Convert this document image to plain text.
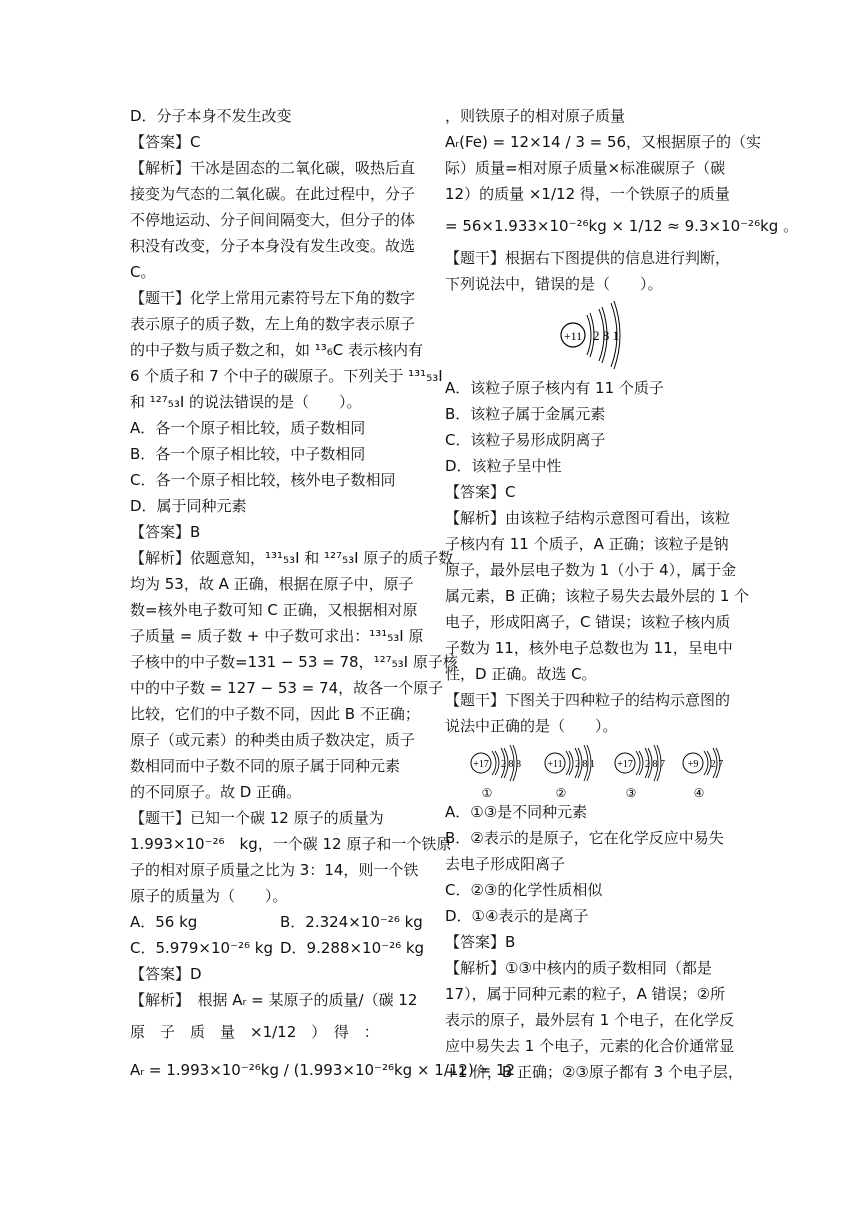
D．分子本身不发生改变
【答案】C
【解析】干冰是固态的二氧化碳，吸热后直
接变为气态的二氧化碳。在此过程中，分子
不停地运动、分子间间隔变大，但分子的体
积没有改变，分子本身没有发生改变。故选
C。
【题干】化学上常用元素符号左下角的数字
表示原子的质子数，左上角的数字表示原子
的中子数与质子数之和，如 ¹³₆C 表示核内有
6 个质子和 7 个中子的碳原子。下列关于 ¹³¹₅₃I
和 ¹²⁷₅₃I 的说法错误的是（　　）。
A．各一个原子相比较，质子数相同
B．各一个原子相比较，中子数相同
C．各一个原子相比较，核外电子数相同
D．属于同种元素
【答案】B
【解析】依题意知，¹³¹₅₃I 和 ¹²⁷₅₃I 原子的质子数
均为 53，故 A 正确，根据在原子中，原子
数=核外电子数可知 C 正确，又根据相对原
子质量 = 质子数 + 中子数可求出：¹³¹₅₃I 原
子核中的中子数=131 − 53 = 78，¹²⁷₅₃I 原子核
中的中子数 = 127 − 53 = 74，故各一个原子
比较，它们的中子数不同，因此 B 不正确；
原子（或元素）的种类由质子数决定，质子
数相同而中子数不同的原子属于同种元素
的不同原子。故 D 正确。
【题干】已知一个碳 12 原子的质量为
1.993×10⁻²⁶　kg，一个碳 12 原子和一个铁原
子的相对原子质量之比为 3：14，则一个铁
原子的质量为（　　）。
A．56 kg	B．2.324×10⁻²⁶ kg
C．5.979×10⁻²⁶ kg D．9.288×10⁻²⁶ kg
【答案】D
【解析】　根据 Aᵣ = 某原子的质量/（碳 12
原　子　质　量　×1/12　）　得　：
Aᵣ = 1.993×10⁻²⁶kg / (1.993×10⁻²⁶kg × 1/12) = 12
，则铁原子的相对原子质量
Aᵣ(Fe) = 12×14 / 3 = 56，又根据原子的（实
际）质量=相对原子质量×标准碳原子（碳
12）的质量 ×1/12 得，一个铁原子的质量
= 56×1.933×10⁻²⁶kg × 1/12 ≈ 9.3×10⁻²⁶kg 。
【题干】根据右下图提供的信息进行判断，
下列说法中，错误的是（　　）。
+11 2 8 1
A．该粒子原子核内有 11 个质子
B．该粒子属于金属元素
C．该粒子易形成阴离子
D．该粒子呈中性
【答案】C
【解析】由该粒子结构示意图可看出，该粒
子核内有 11 个质子，A 正确；该粒子是钠
原子，最外层电子数为 1（小于 4），属于金
属元素，B 正确；该粒子易失去最外层的 1 个
电子，形成阳离子，C 错误；该粒子核内质
子数为 11，核外电子总数也为 11，呈电中
性，D 正确。故选 C。
【题干】下图关于四种粒子的结构示意图的
说法中正确的是（　　）。
+17 2 8 8
①
+11 2 8 1
②
+17 2 8 7
③
+9 2 7
④
A．①③是不同种元素
B．②表示的是原子，它在化学反应中易失
去电子形成阳离子
C．②③的化学性质相似
D．①④表示的是离子
【答案】B
【解析】①③中核内的质子数相同（都是
17），属于同种元素的粒子，A 错误；②所
表示的原子，最外层有 1 个电子，在化学反
应中易失去 1 个电子，元素的化合价通常显
+1 价，B 正确；②③原子都有 3 个电子层，
